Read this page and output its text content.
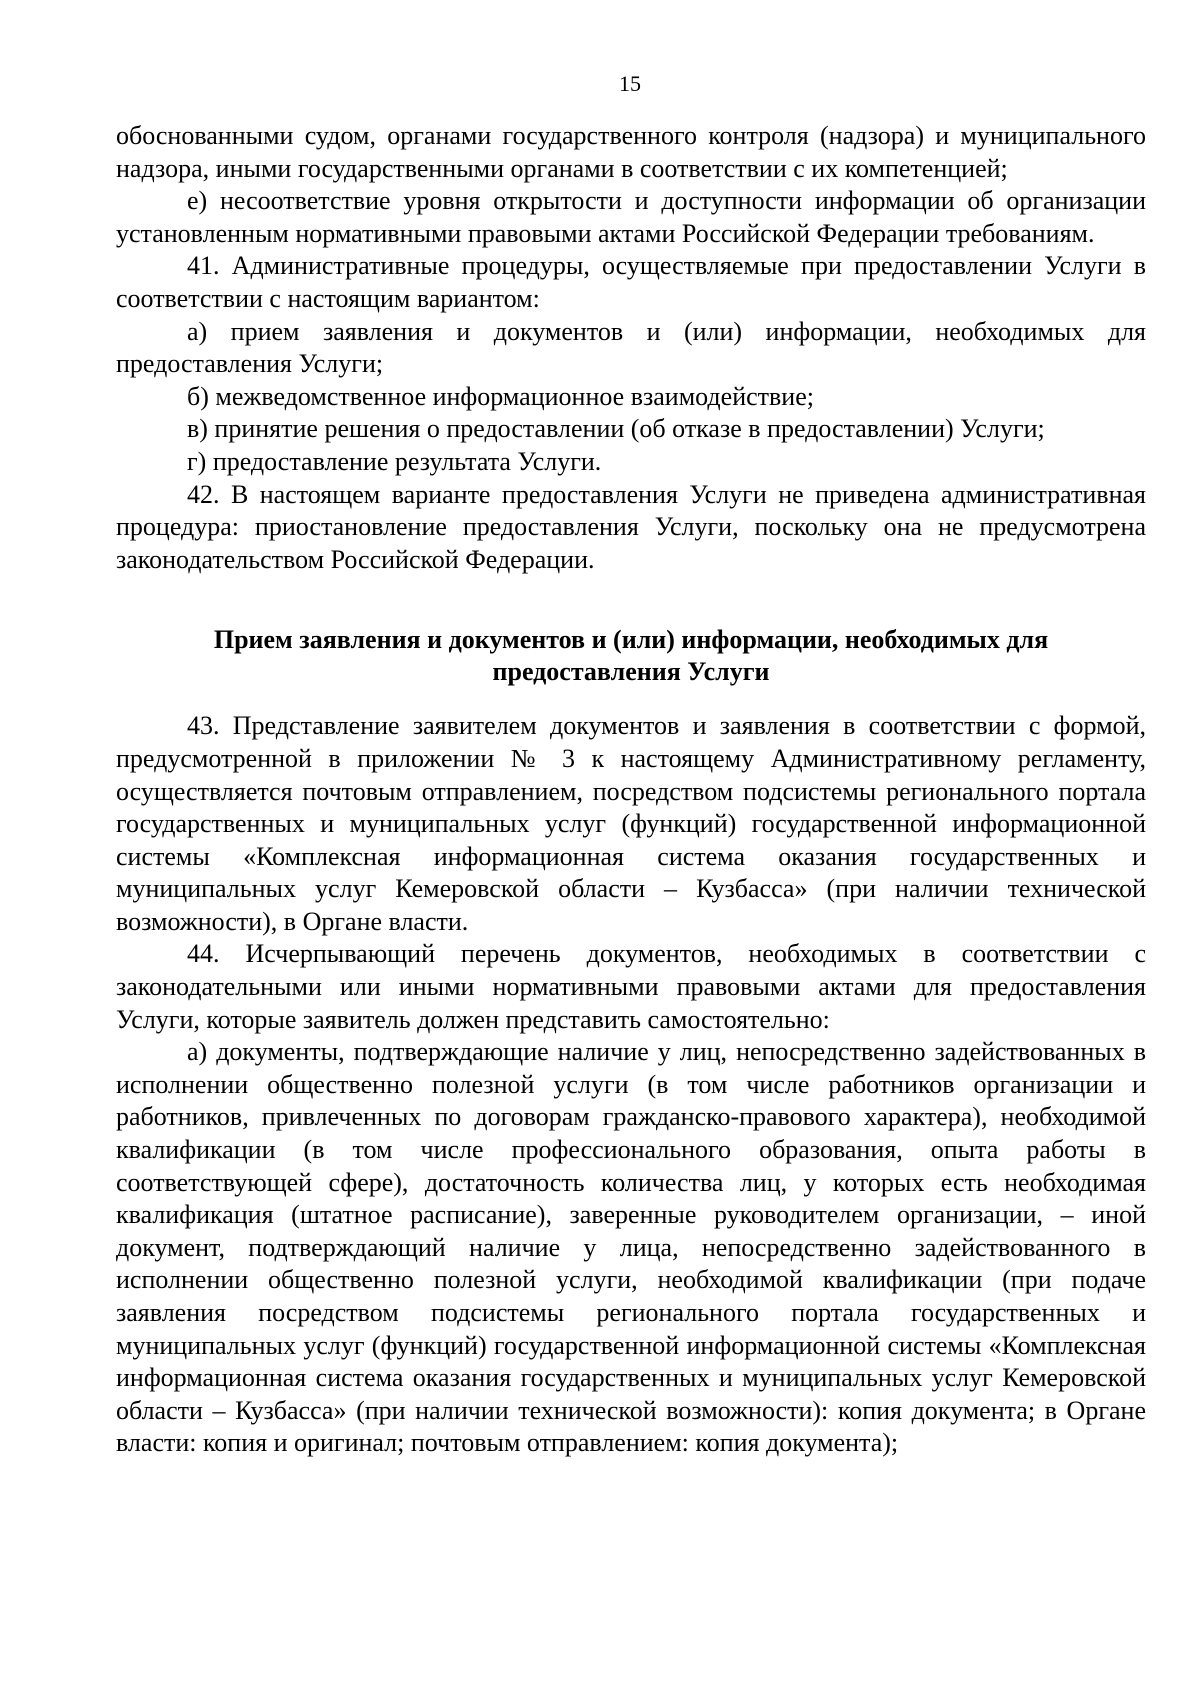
15

обоснованными судом, органами государственного контроля (надзора) и муниципального надзора, иными государственными органами в соответствии с их компетенцией;

е) несоответствие уровня открытости и доступности информации об организации установленным нормативными правовыми актами Российской Федерации требованиям.

41. Административные процедуры, осуществляемые при предоставлении Услуги в соответствии с настоящим вариантом:

а) прием заявления и документов и (или) информации, необходимых для предоставления Услуги;

б) межведомственное информационное взаимодействие;

в) принятие решения о предоставлении (об отказе в предоставлении) Услуги;

г) предоставление результата Услуги.

42. В настоящем варианте предоставления Услуги не приведена административная процедура: приостановление предоставления Услуги, поскольку она не предусмотрена законодательством Российской Федерации.

Прием заявления и документов и (или) информации, необходимых для
предоставления Услуги

43. Представление заявителем документов и заявления в соответствии с формой, предусмотренной в приложении № 3 к настоящему Административному регламенту, осуществляется почтовым отправлением, посредством подсистемы регионального портала государственных и муниципальных услуг (функций) государственной информационной системы «Комплексная информационная система оказания государственных и муниципальных услуг Кемеровской области – Кузбасса» (при наличии технической возможности), в Органе власти.

44. Исчерпывающий перечень документов, необходимых в соответствии с законодательными или иными нормативными правовыми актами для предоставления Услуги, которые заявитель должен представить самостоятельно:

а) документы, подтверждающие наличие у лиц, непосредственно задействованных в исполнении общественно полезной услуги (в том числе работников организации и работников, привлеченных по договорам гражданско-правового характера), необходимой квалификации (в том числе профессионального образования, опыта работы в соответствующей сфере), достаточность количества лиц, у которых есть необходимая квалификация (штатное расписание), заверенные руководителем организации, – иной документ, подтверждающий наличие у лица, непосредственно задействованного в исполнении общественно полезной услуги, необходимой квалификации (при подаче заявления посредством подсистемы регионального портала государственных и муниципальных услуг (функций) государственной информационной системы «Комплексная информационная система оказания государственных и муниципальных услуг Кемеровской области – Кузбасса» (при наличии технической возможности): копия документа; в Органе власти: копия и оригинал; почтовым отправлением: копия документа);
